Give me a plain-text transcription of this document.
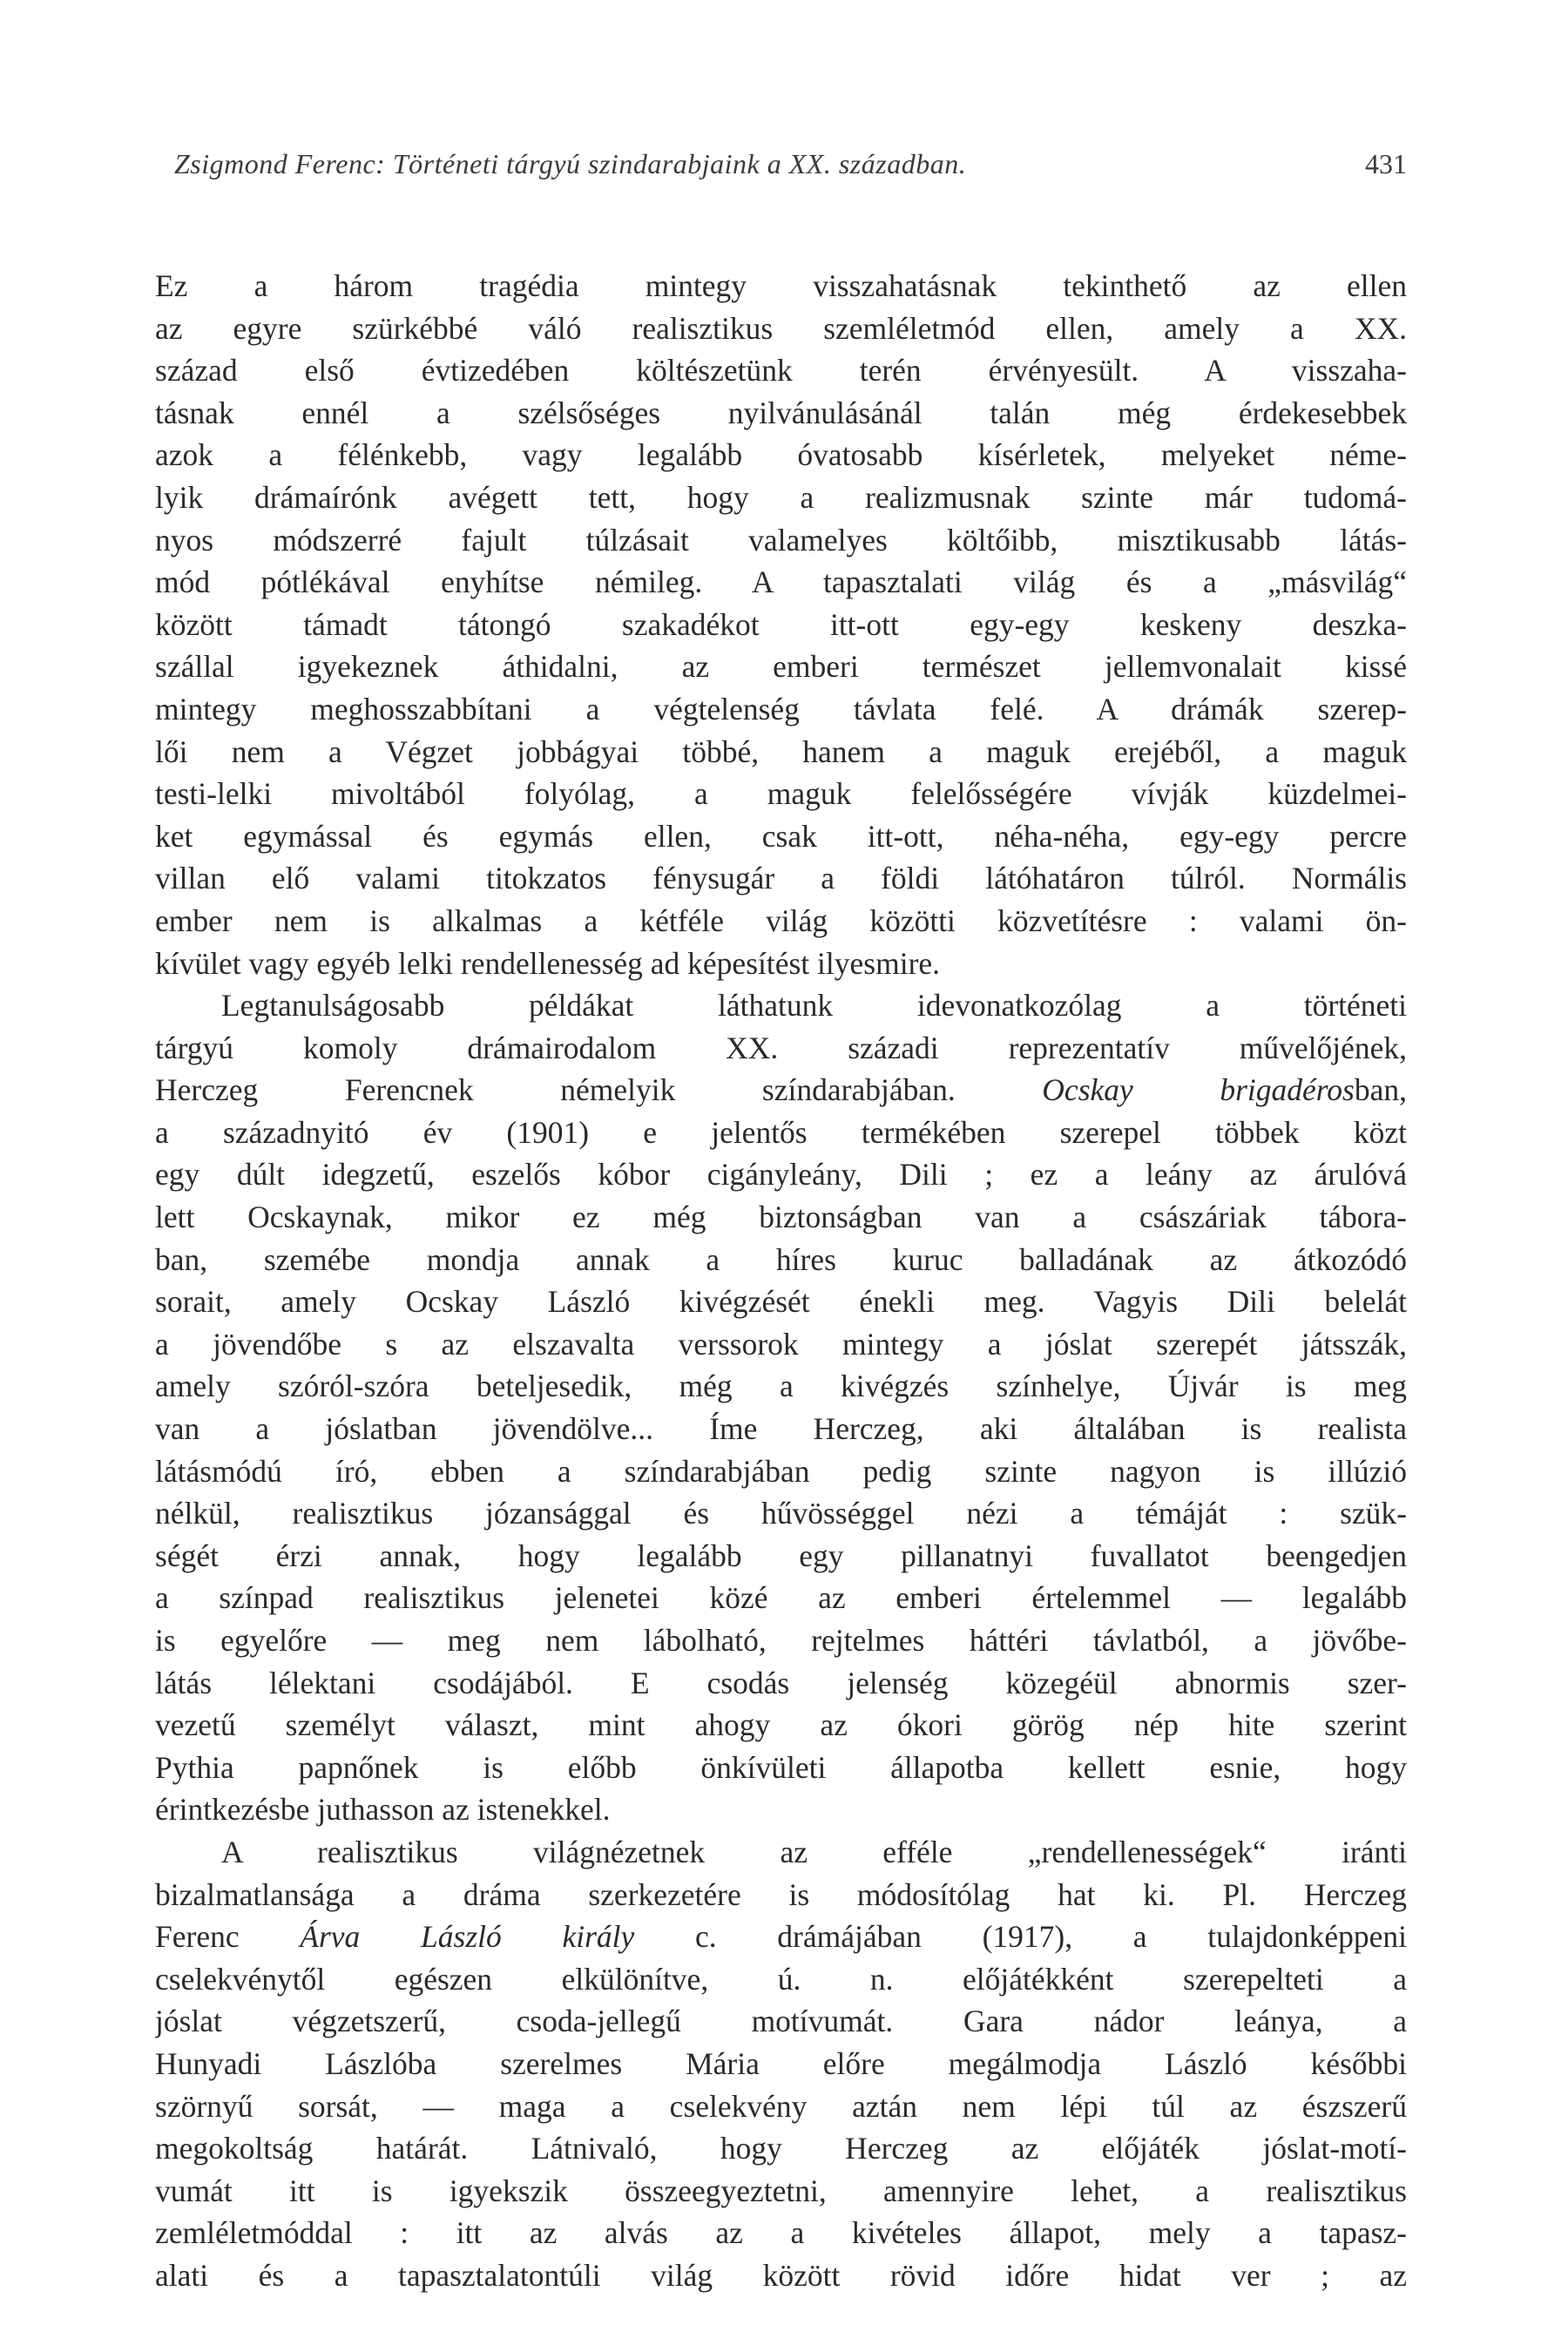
Zsigmond Ferenc: Történeti tárgyú szindarabjaink a XX. században.	431
Ez a három tragédia mintegy visszahatásnak tekinthető az ellen
az egyre szürkébbé váló realisztikus szemléletmód ellen, amely a XX.
század első évtizedében költészetünk terén érvényesült. A visszaha-
tásnak ennél a szélsőséges nyilvánulásánál talán még érdekesebbek
azok a félénkebb, vagy legalább óvatosabb kísérletek, melyeket néme-
lyik drámaírónk avégett tett, hogy a realizmusnak szinte már tudomá-
nyos módszerré fajult túlzásait valamelyes költőibb, misztikusabb látás-
mód pótlékával enyhítse némileg. A tapasztalati világ és a „másvilág“
között támadt tátongó szakadékot itt-ott egy-egy keskeny deszka-
szállal igyekeznek áthidalni, az emberi természet jellemvonalait kissé
mintegy meghosszabbítani a végtelenség távlata felé. A drámák szerep-
lői nem a Végzet jobbágyai többé, hanem a maguk erejéből, a maguk
testi-lelki mivoltából folyólag, a maguk felelősségére vívják küzdelmei-
ket egymással és egymás ellen, csak itt-ott, néha-néha, egy-egy percre
villan elő valami titokzatos fénysugár a földi látóhatáron túlról. Normális
ember nem is alkalmas a kétféle világ közötti közvetítésre : valami ön-
kívület vagy egyéb lelki rendellenesség ad képesítést ilyesmire.
Legtanulságosabb példákat láthatunk idevonatkozólag a történeti
tárgyú komoly drámairodalom XX. századi reprezentatív művelőjének,
Herczeg Ferencnek némelyik színdarabjában. Ocskay brigadérosban,
a századnyitó év (1901) e jelentős termékében szerepel többek közt
egy dúlt idegzetű, eszelős kóbor cigányleány, Dili ; ez a leány az árulóvá
lett Ocskaynak, mikor ez még biztonságban van a császáriak tábora-
ban, szemébe mondja annak a híres kuruc balladának az átkozódó
sorait, amely Ocskay László kivégzését énekli meg. Vagyis Dili belelát
a jövendőbe s az elszavalta verssorok mintegy a jóslat szerepét játsszák,
amely szóról-szóra beteljesedik, még a kivégzés színhelye, Újvár is meg
van a jóslatban jövendölve... Íme Herczeg, aki általában is realista
látásmódú író, ebben a színdarabjában pedig szinte nagyon is illúzió
nélkül, realisztikus józansággal és hűvösséggel nézi a témáját : szük-
ségét érzi annak, hogy legalább egy pillanatnyi fuvallatot beengedjen
a színpad realisztikus jelenetei közé az emberi értelemmel — legalább
is egyelőre — meg nem lábolható, rejtelmes háttéri távlatból, a jövőbe-
látás lélektani csodájából. E csodás jelenség közegéül abnormis szer-
vezetű személyt választ, mint ahogy az ókori görög nép hite szerint
Pythia papnőnek is előbb önkívületi állapotba kellett esnie, hogy
érintkezésbe juthasson az istenekkel.
A realisztikus világnézetnek az efféle „rendellenességek“ iránti
bizalmatlansága a dráma szerkezetére is módosítólag hat ki. Pl. Herczeg
Ferenc Árva László király c. drámájában (1917), a tulajdonképpeni
cselekvénytől egészen elkülönítve, ú. n. előjátékként szerepelteti a
jóslat végzetszerű, csoda-jellegű motívumát. Gara nádor leánya, a
Hunyadi Lászlóba szerelmes Mária előre megálmodja László későbbi
szörnyű sorsát, — maga a cselekvény aztán nem lépi túl az észszerű
megokoltság határát. Látnivaló, hogy Herczeg az előjáték jóslat-motí-
vumát itt is igyekszik összeegyeztetni, amennyire lehet, a realisztikus
zemléletmóddal : itt az alvás az a kivételes állapot, mely a tapasz-
alati és a tapasztalatontúli világ között rövid időre hidat ver ; az
